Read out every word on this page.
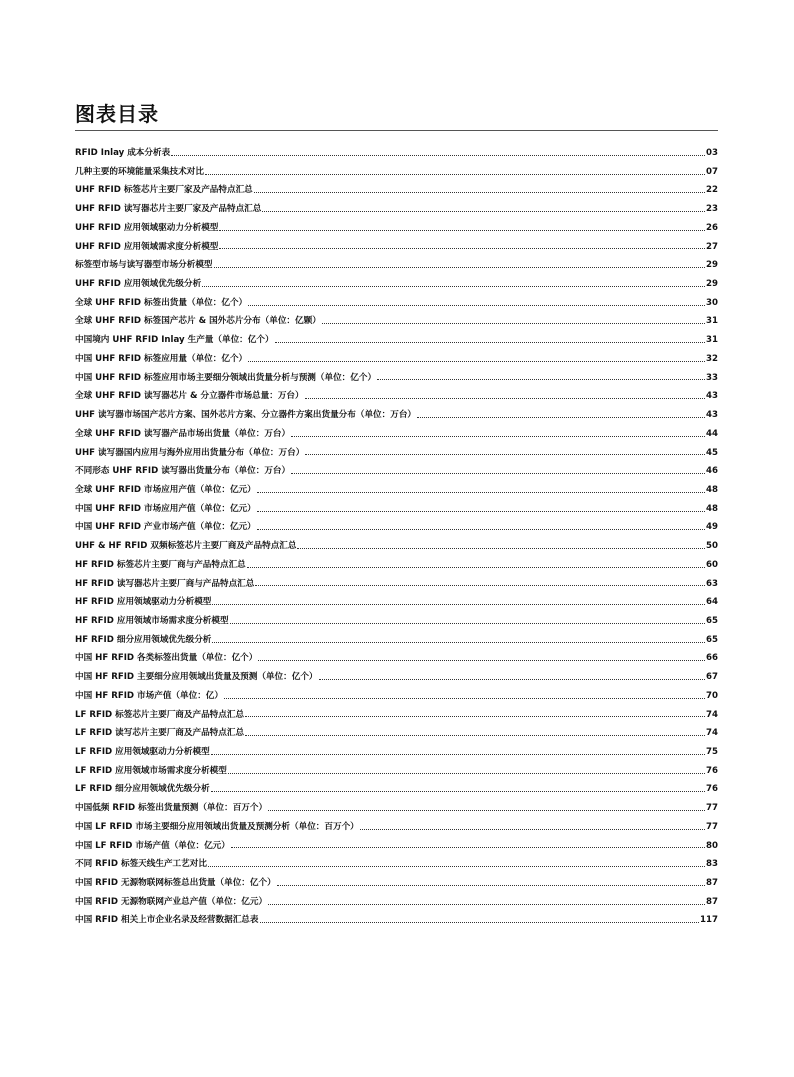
图表目录
RFID Inlay 成本分析表	03
几种主要的环境能量采集技术对比	07
UHF RFID 标签芯片主要厂家及产品特点汇总	22
UHF RFID 读写器芯片主要厂家及产品特点汇总	23
UHF RFID 应用领域驱动力分析模型	26
UHF RFID 应用领域需求度分析模型	27
标签型市场与读写器型市场分析模型	29
UHF RFID 应用领域优先级分析	29
全球 UHF RFID 标签出货量（单位：亿个）	30
全球 UHF RFID 标签国产芯片 & 国外芯片分布（单位：亿颗）	31
中国境内 UHF RFID Inlay 生产量（单位：亿个）	31
中国 UHF RFID 标签应用量（单位：亿个）	32
中国 UHF RFID 标签应用市场主要细分领域出货量分析与预测（单位：亿个）	33
全球 UHF RFID 读写器芯片 & 分立器件市场总量：万台）	43
UHF 读写器市场国产芯片方案、国外芯片方案、分立器件方案出货量分布（单位：万台）	43
全球 UHF RFID 读写器产品市场出货量（单位：万台）	44
UHF 读写器国内应用与海外应用出货量分布（单位：万台）	45
不同形态 UHF RFID 读写器出货量分布（单位：万台）	46
全球 UHF RFID 市场应用产值（单位：亿元）	48
中国 UHF RFID 市场应用产值（单位：亿元）	48
中国 UHF RFID 产业市场产值（单位：亿元）	49
UHF & HF RFID 双频标签芯片主要厂商及产品特点汇总	50
HF RFID 标签芯片主要厂商与产品特点汇总	60
HF RFID 读写器芯片主要厂商与产品特点汇总	63
HF RFID 应用领域驱动力分析模型	64
HF RFID 应用领域市场需求度分析模型	65
HF RFID 细分应用领域优先级分析	65
中国 HF RFID 各类标签出货量（单位：亿个）	66
中国 HF RFID 主要细分应用领域出货量及预测（单位：亿个）	67
中国 HF RFID 市场产值（单位：亿）	70
LF RFID 标签芯片主要厂商及产品特点汇总	74
LF RFID 读写芯片主要厂商及产品特点汇总	74
LF RFID 应用领域驱动力分析模型	75
LF RFID 应用领域市场需求度分析模型	76
LF RFID 细分应用领域优先级分析	76
中国低频 RFID 标签出货量预测（单位：百万个）	77
中国 LF RFID 市场主要细分应用领域出货量及预测分析（单位：百万个）	77
中国 LF RFID 市场产值（单位：亿元）	80
不同 RFID 标签天线生产工艺对比	83
中国 RFID 无源物联网标签总出货量（单位：亿个）	87
中国 RFID 无源物联网产业总产值（单位：亿元）	87
中国 RFID 相关上市企业名录及经营数据汇总表	117
